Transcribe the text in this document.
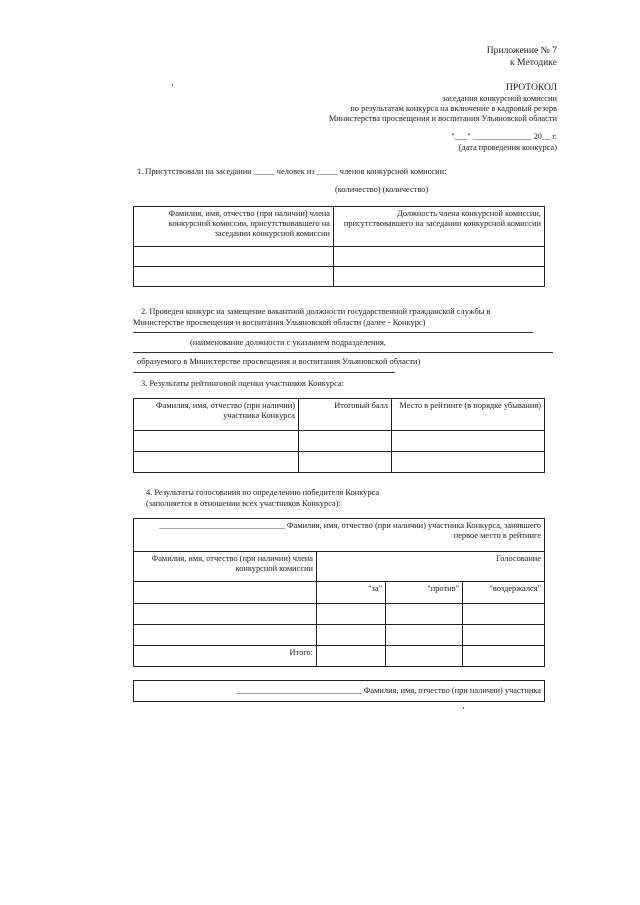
Приложение № 7
к Методике
ПРОТОКОЛ
заседания конкурсной комиссии
по результатам конкурса на включение в кадровый резерв
Министерства просвещения и воспитания Ульяновской области
"___" ______________ 20__ г.
(дата проведения конкурса)
1. Присутствовали на заседании _____ человек из _____ членов конкурсной комиссии:
(количество) (количество)
Фамилия, имя, отчество (при наличии) члена конкурсной комиссии, присутствовавшего на заседании конкурсной комиссии	Должность члена конкурсной комиссии, присутствовавшего на заседании конкурсной комиссии

2. Проведен конкурс на замещение вакантной должности государственной гражданской службы в
Министерстве просвещения и воспитания Ульяновской области (далее - Конкурс)
(наименование должности с указанием подразделения,
образуемого в Министерстве просвещения и воспитания Ульяновской области)
3. Результаты рейтинговой оценки участников Конкурса:
Фамилия, имя, отчество (при наличии) участника Конкурса	Итоговый балл	Место в рейтинге (в порядке убывания)

4. Результаты голосования по определению победителя Конкурса
(заполняется в отношении всех участников Конкурса):
______________________________ Фамилия, имя, отчество (при наличии) участника Конкурса, занявшего первое место в рейтинге			
Фамилия, имя, отчество (при наличии) члена конкурсной комиссии	Голосование		
	"за"	"против"	"воздержался"

Итого:			
______________________________ Фамилия, имя, отчество (при наличии) участника
